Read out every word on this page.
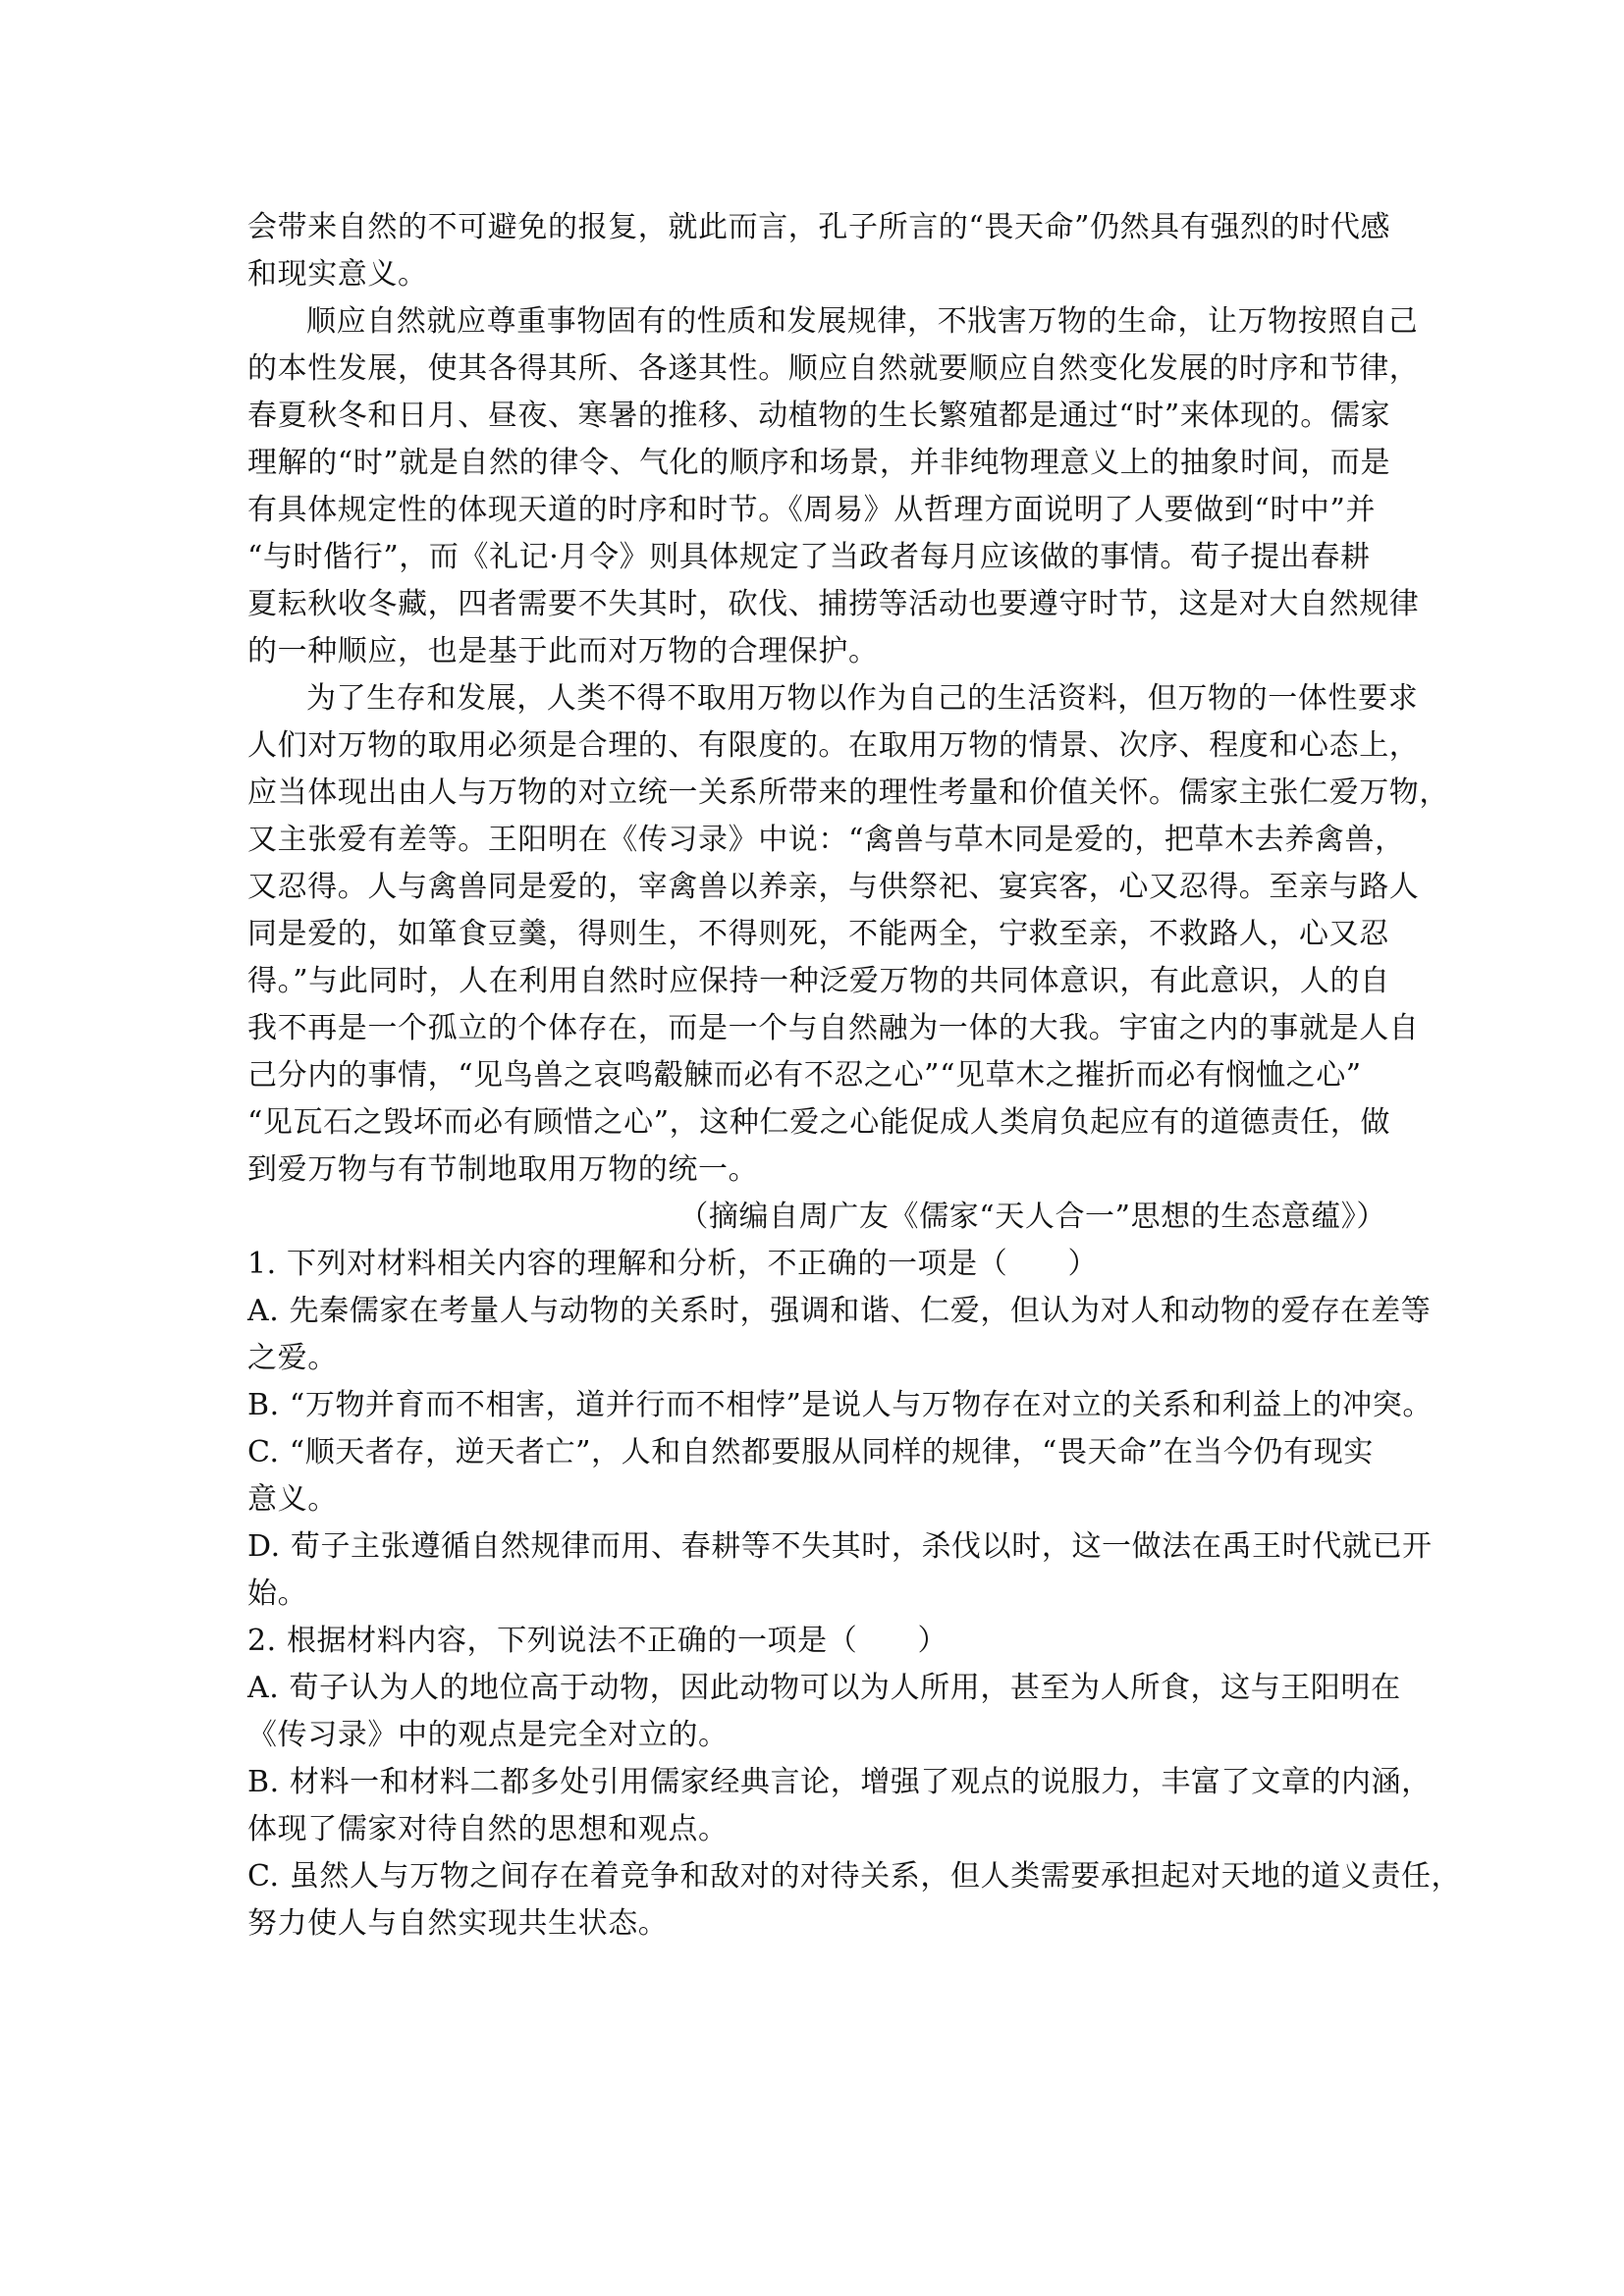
会带来自然的不可避免的报复，就此而言，孔子所言的“畏天命”仍然具有强烈的时代感
和现实意义。
顺应自然就应尊重事物固有的性质和发展规律，不戕害万物的生命，让万物按照自己
的本性发展，使其各得其所、各遂其性。顺应自然就要顺应自然变化发展的时序和节律，
春夏秋冬和日月、昼夜、寒暑的推移、动植物的生长繁殖都是通过“时”来体现的。儒家
理解的“时”就是自然的律令、气化的顺序和场景，并非纯物理意义上的抽象时间，而是
有具体规定性的体现天道的时序和时节。《周易》从哲理方面说明了人要做到“时中”并
“与时偕行”，而《礼记·月令》则具体规定了当政者每月应该做的事情。荀子提出春耕
夏耘秋收冬藏，四者需要不失其时，砍伐、捕捞等活动也要遵守时节，这是对大自然规律
的一种顺应，也是基于此而对万物的合理保护。
为了生存和发展，人类不得不取用万物以作为自己的生活资料，但万物的一体性要求
人们对万物的取用必须是合理的、有限度的。在取用万物的情景、次序、程度和心态上，
应当体现出由人与万物的对立统一关系所带来的理性考量和价值关怀。儒家主张仁爱万物，
又主张爱有差等。王阳明在《传习录》中说：“禽兽与草木同是爱的，把草木去养禽兽，
又忍得。人与禽兽同是爱的，宰禽兽以养亲，与供祭祀、宴宾客，心又忍得。至亲与路人
同是爱的，如箪食豆羹，得则生，不得则死，不能两全，宁救至亲，不救路人，心又忍
得。”与此同时，人在利用自然时应保持一种泛爱万物的共同体意识，有此意识，人的自
我不再是一个孤立的个体存在，而是一个与自然融为一体的大我。宇宙之内的事就是人自
己分内的事情，“见鸟兽之哀鸣觳觫而必有不忍之心”“见草木之摧折而必有悯恤之心”
“见瓦石之毁坏而必有顾惜之心”，这种仁爱之心能促成人类肩负起应有的道德责任，做
到爱万物与有节制地取用万物的统一。
（摘编自周广友《儒家“天人合一”思想的生态意蕴》）
1. 下列对材料相关内容的理解和分析，不正确的一项是（　　）
A. 先秦儒家在考量人与动物的关系时，强调和谐、仁爱，但认为对人和动物的爱存在差等
之爱。
B. “万物并育而不相害，道并行而不相悖”是说人与万物存在对立的关系和利益上的冲突。
C. “顺天者存，逆天者亡”，人和自然都要服从同样的规律，“畏天命”在当今仍有现实
意义。
D. 荀子主张遵循自然规律而用、春耕等不失其时，杀伐以时，这一做法在禹王时代就已开
始。
2. 根据材料内容，下列说法不正确的一项是（　　）
A. 荀子认为人的地位高于动物，因此动物可以为人所用，甚至为人所食，这与王阳明在
《传习录》中的观点是完全对立的。
B. 材料一和材料二都多处引用儒家经典言论，增强了观点的说服力，丰富了文章的内涵，
体现了儒家对待自然的思想和观点。
C. 虽然人与万物之间存在着竞争和敌对的对待关系，但人类需要承担起对天地的道义责任，
努力使人与自然实现共生状态。
